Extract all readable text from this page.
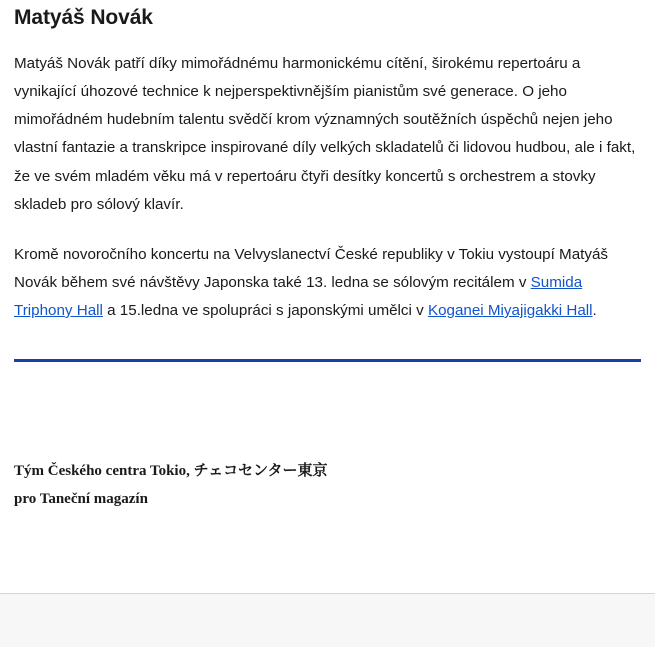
Matyáš Novák

Matyáš Novák patří díky mimořádnému harmonickému cítění, širokému repertoáru a vynikající úhozové technice k nejperspektivnějším pianistům své generace. O jeho mimořádném hudebním talentu svědčí krom významných soutěžních úspěchů nejen jeho vlastní fantazie a transkripce inspirované díly velkých skladatelů či lidovou hudbou, ale i fakt, že ve svém mladém věku má v repertoáru čtyři desítky koncertů s orchestrem a stovky skladeb pro sólový klavír.

Kromě novoročního koncertu na Velvyslanectví České republiky v Tokiu vystoupí Matyáš Novák během své návštěvy Japonska také 13. ledna se sólovým recitálem v Sumida Triphony Hall a 15.ledna ve spolupráci s japonskými umělci v Koganei Miyajigakki Hall.

Tým Českého centra Tokio, チェコセンター東京
pro Taneční magazín
